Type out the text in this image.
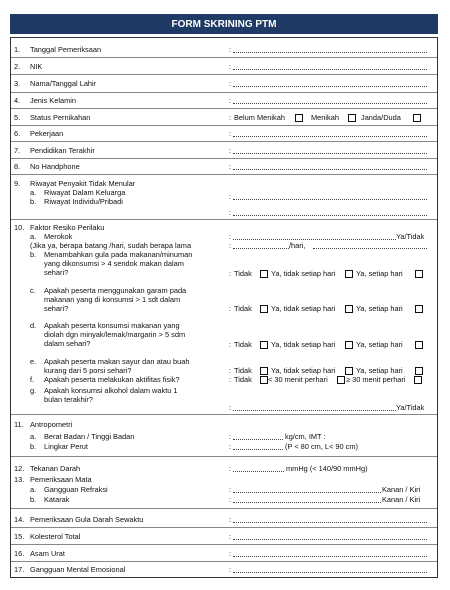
FORM SKRINING PTM
1. Tanggal Pemeriksaan	:
2. NIK	:
3. Nama/Tanggal Lahir	:
4. Jenis Kelamin	:
5. Status Pernikahan	: Belum Menikah	Menikah	Janda/Duda
6. Pekerjaan	:
7. Pendidikan Terakhir	:
8. No Handphone	:
9. Riwayat Penyakit Tidak Menular
a. Riwayat Dalam Keluarga
b. Riwayat Individu/Pribadi
:
:
10. Faktor Resiko Perilaku
a. Merokok	:	Ya/Tidak
(Jika ya, berapa batang /hari, sudah berapa lama	:	/hari,
b. Menambahkan gula pada makanan/minuman
yang dikonsumsi > 4 sendok makan dalam
sehari?	: Tidak	Ya, tidak setiap hari	Ya, setiap hari
c. Apakah peserta menggunakan garam pada
makanan yang di konsumsi > 1 sdt dalam
sehari?	: Tidak	Ya, tidak setiap hari	Ya, setiap hari
d. Apakah peserta konsumsi makanan yang
diolah dgn minyak/lemak/margarin > 5 sdm
dalam sehari?	: Tidak	Ya, tidak setiap hari	Ya, setiap hari
e. Apakah peserta makan sayur dan atau buah
kurang dari 5 porsi sehari?	: Tidak	Ya, tidak setiap hari	Ya, setiap hari
f. Apakah peserta melakukan aktifitas fisik?	: Tidak < 30 menit perhari ≥ 30 menit perhari
g. Apakah konsumsi alkohol dalam waktu 1
bulan terakhir?
:	Ya/Tidak
11. Antropometri
a. Berat Badan / Tinggi Badan	:	kg/cm, IMT :
b. Lingkar Perut	:	(P < 80 cm, L< 90 cm)
12. Tekanan Darah	:	mmHg (< 140/90 mmHg)
13. Pemeriksaan Mata
a. Gangguan Refraksi	:	Kanan / Kiri
b. Katarak	:	Kanan / Kiri
14. Pemeriksaan Gula Darah Sewaktu	:
15. Kolesterol Total	:
16. Asam Urat	:
17. Gangguan Mental Emosional	:
